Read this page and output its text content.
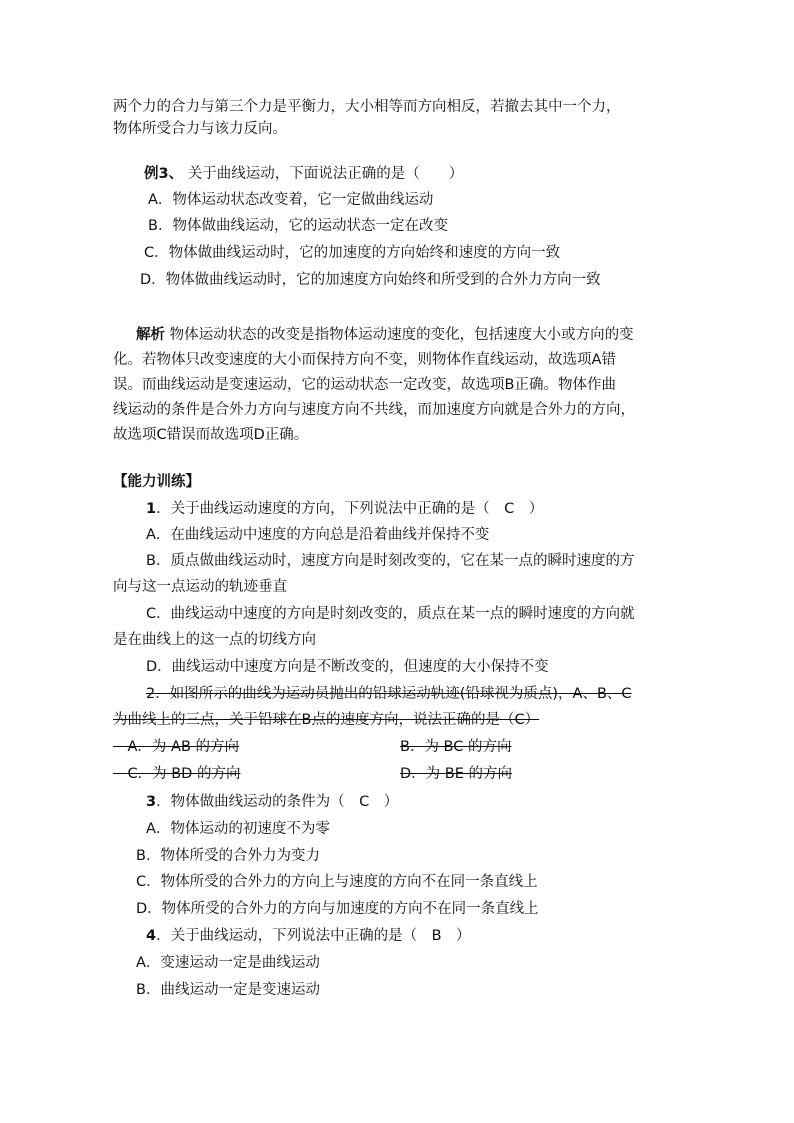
两个力的合力与第三个力是平衡力，大小相等而方向相反，若撤去其中一个力，
物体所受合力与该力反向。
例3、 关于曲线运动，下面说法正确的是（　　）
A．物体运动状态改变着，它一定做曲线运动
B．物体做曲线运动，它的运动状态一定在改变
C．物体做曲线运动时，它的加速度的方向始终和速度的方向一致
D．物体做曲线运动时，它的加速度方向始终和所受到的合外力方向一致
解析 物体运动状态的改变是指物体运动速度的变化，包括速度大小或方向的变
化。若物体只改变速度的大小而保持方向不变，则物体作直线运动，故选项A错
误。而曲线运动是变速运动，它的运动状态一定改变，故选项B正确。物体作曲
线运动的条件是合外力方向与速度方向不共线，而加速度方向就是合外力的方向，
故选项C错误而故选项D正确。
【能力训练】
1．关于曲线运动速度的方向，下列说法中正确的是（　C　）
A．在曲线运动中速度的方向总是沿着曲线并保持不变
B．质点做曲线运动时，速度方向是时刻改变的，它在某一点的瞬时速度的方
向与这一点运动的轨迹垂直
C．曲线运动中速度的方向是时刻改变的，质点在某一点的瞬时速度的方向就
是在曲线上的这一点的切线方向
D．曲线运动中速度方向是不断改变的，但速度的大小保持不变
2．如图所示的曲线为运动员抛出的铅球运动轨迹(铅球视为质点)，A、B、C
为曲线上的三点，关于铅球在B点的速度方向，说法正确的是（C）
　A．为 AB 的方向	B．为 BC 的方向
　C．为 BD 的方向	D．为 BE 的方向
3．物体做曲线运动的条件为（　C　）
A．物体运动的初速度不为零
B．物体所受的合外力为变力
C．物体所受的合外力的方向上与速度的方向不在同一条直线上
D．物体所受的合外力的方向与加速度的方向不在同一条直线上
4．关于曲线运动，下列说法中正确的是（　B　）
A．变速运动一定是曲线运动
B．曲线运动一定是变速运动
